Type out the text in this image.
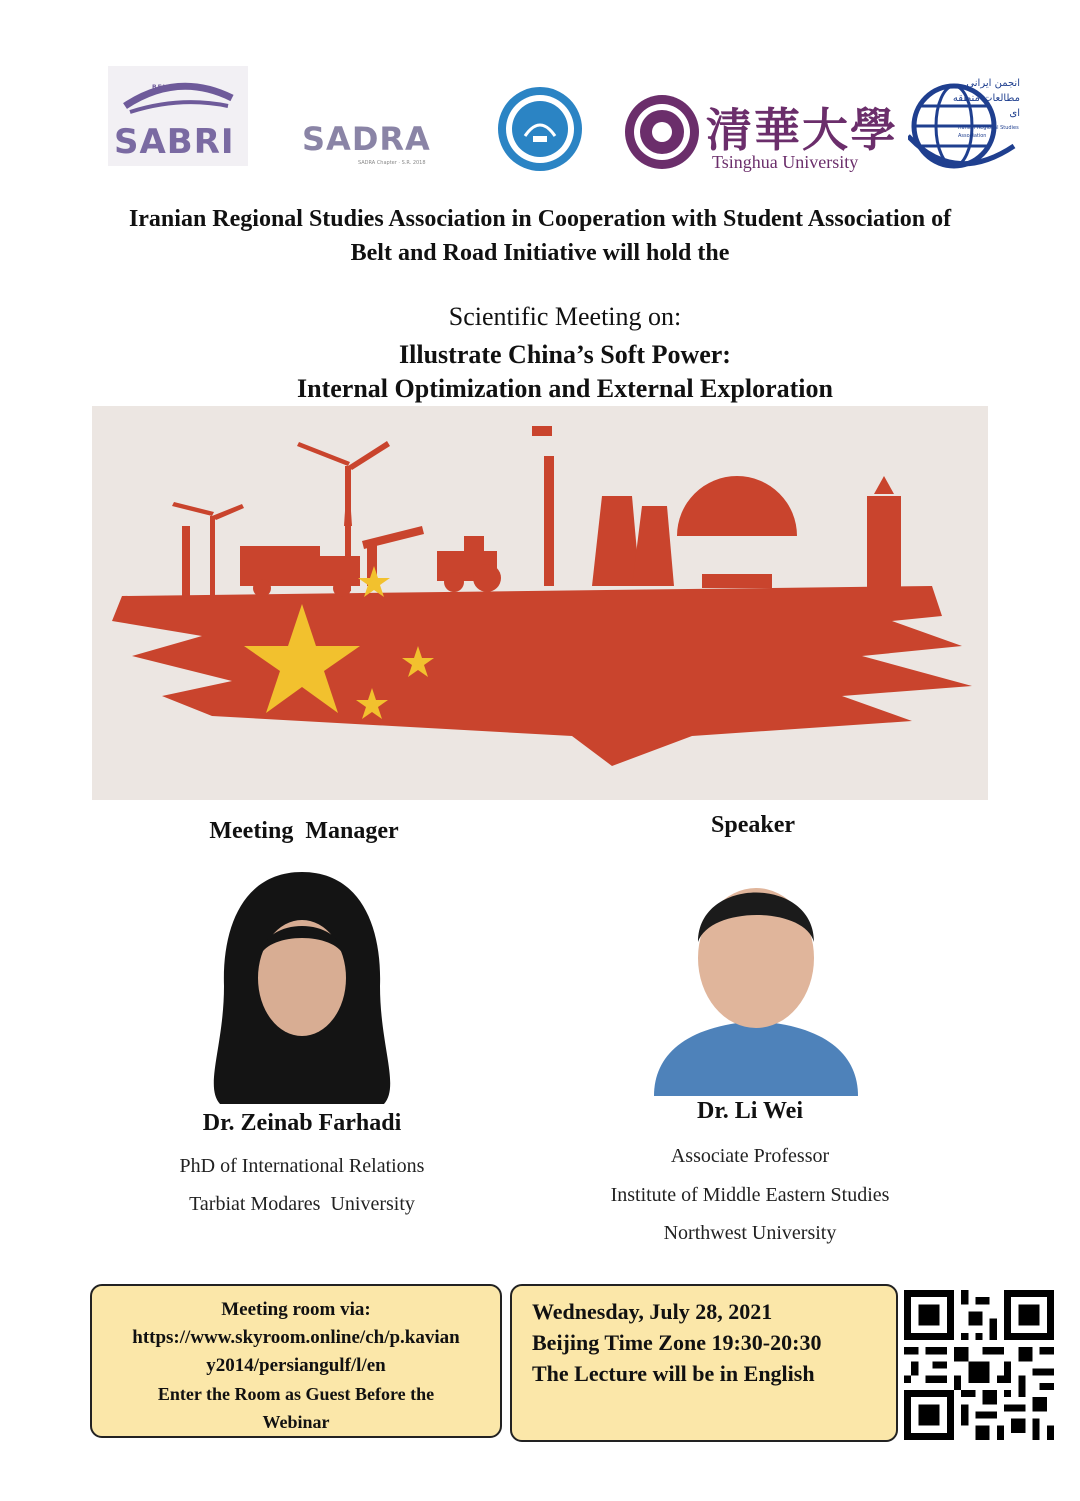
BELT+ROAD
SABRI SADRA
SADRA Chapter · S.R. 2018
清華大學
Tsinghua University
انجمن ایرانی مطالعات منطقه ای
Iranian Regional Studies Association
Iranian Regional Studies Association in Cooperation with Student Association of
Belt and Road Initiative will hold the
Scientific Meeting on:
Illustrate China’s Soft Power:
Internal Optimization and External Exploration
Meeting  Manager
Dr. Zeinab Farhadi
PhD of International Relations
Tarbiat Modares  University
Speaker
Dr. Li Wei
Associate Professor
Institute of Middle Eastern Studies
Northwest University
Meeting room via:
https://www.skyroom.online/ch/p.kavian
y2014/persiangulf/l/en
Enter the Room as Guest Before the
Webinar
Wednesday, July 28, 2021
Beijing Time Zone 19:30-20:30
The Lecture will be in English
